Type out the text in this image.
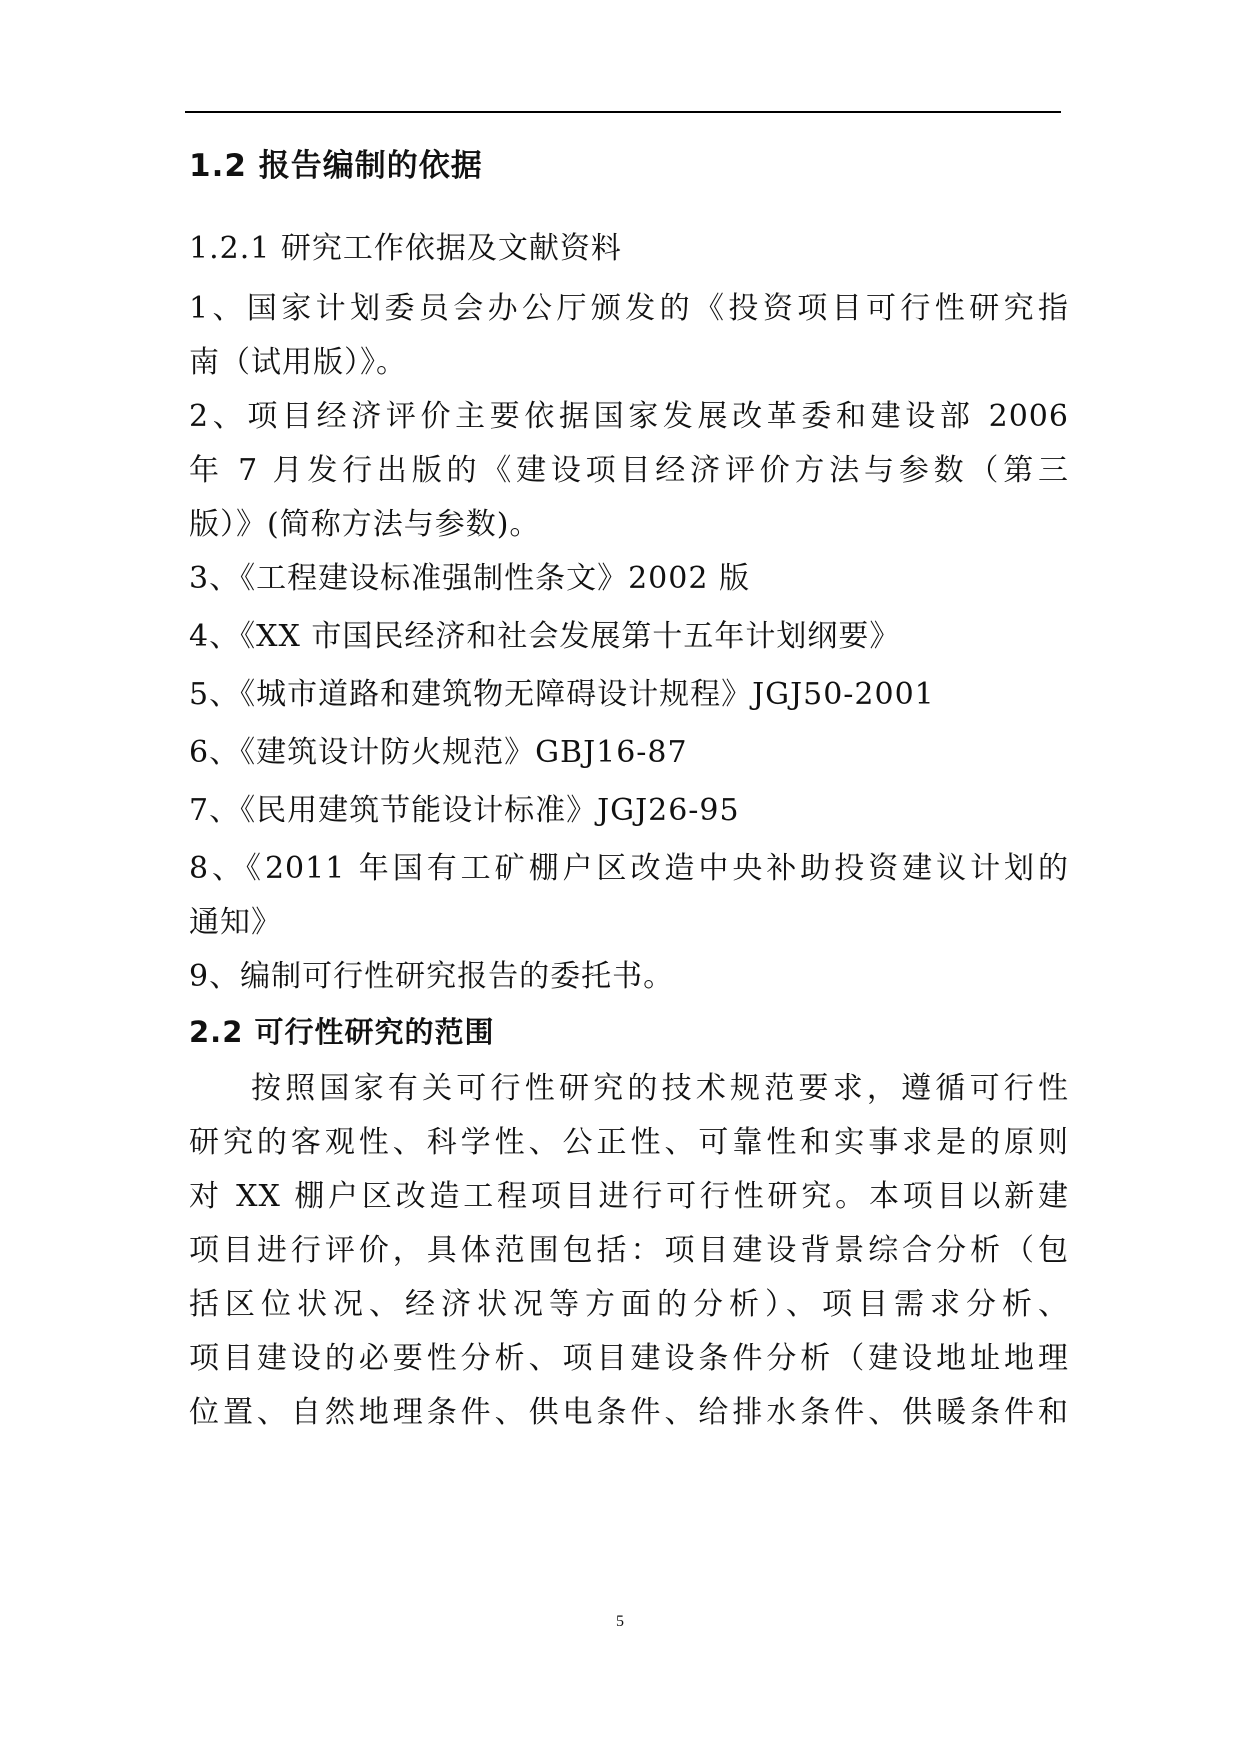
1.2 报告编制的依据
1.2.1 研究工作依据及文献资料
1、国家计划委员会办公厅颁发的《投资项目可行性研究指
南（试用版）》。
2、项目经济评价主要依据国家发展改革委和建设部 2006
年 7 月发行出版的《建设项目经济评价方法与参数（第三
版）》(简称方法与参数)。
3、《工程建设标准强制性条文》2002 版
4、《XX 市国民经济和社会发展第十五年计划纲要》
5、《城市道路和建筑物无障碍设计规程》JGJ50-2001
6、《建筑设计防火规范》GBJ16-87
7、《民用建筑节能设计标准》JGJ26-95
8、《2011 年国有工矿棚户区改造中央补助投资建议计划的
通知》
9、编制可行性研究报告的委托书。
2.2 可行性研究的范围
按照国家有关可行性研究的技术规范要求，遵循可行性
研究的客观性、科学性、公正性、可靠性和实事求是的原则
对 XX 棚户区改造工程项目进行可行性研究。本项目以新建
项目进行评价，具体范围包括：项目建设背景综合分析（包
括区位状况、经济状况等方面的分析）、项目需求分析、
项目建设的必要性分析、项目建设条件分析（建设地址地理
位置、自然地理条件、供电条件、给排水条件、供暖条件和
5
